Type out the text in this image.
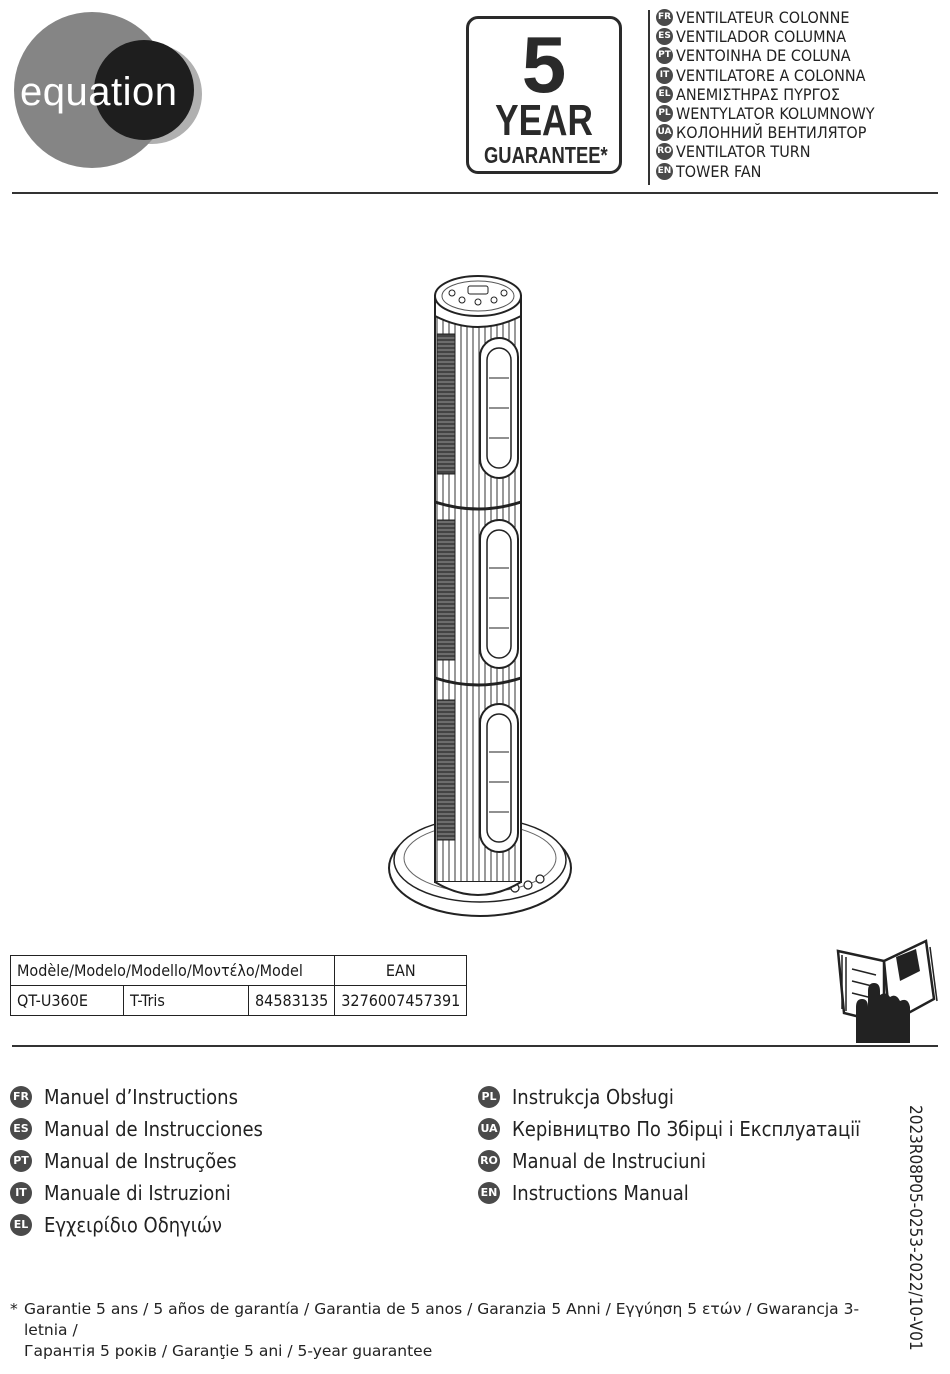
equation	5
YEAR
GUARANTEE*
FR VENTILATEUR COLONNE
ES VENTILADOR COLUMNA
PT VENTOINHA DE COLUNA
IT VENTILATORE A COLONNA
EL ΑΝΕΜΙΣΤΗΡΑΣ ΠΥΡΓΟΣ
PL WENTYLATOR KOLUMNOWY
UA КОЛОННИЙ ВЕНТИЛЯТОР
RO VENTILATOR TURN
EN TOWER FAN
Modèle/Modelo/Modello/Μοντέλο/Model			EAN
QT-U360E	T-Tris	84583135	3276007457391
FR Manuel d’Instructions
ES Manual de Instrucciones
PT Manual de Instruções
IT Manuale di Istruzioni
EL Εγχειρίδιο Οδηγιών
PL Instrukcja Obsługi
UA Керівництво По Збірці і Експлуатації
RO Manual de Instruciuni
EN Instructions Manual	2023R08P05-0253-2022/10-V01
* Garantie 5 ans / 5 años de garantía / Garantia de 5 anos / Garanzia 5 Anni / Εγγύηση 5 ετών / Gwarancja 3-letnia /
Гарантія 5 років / Garanţie 5 ani / 5-year guarantee
